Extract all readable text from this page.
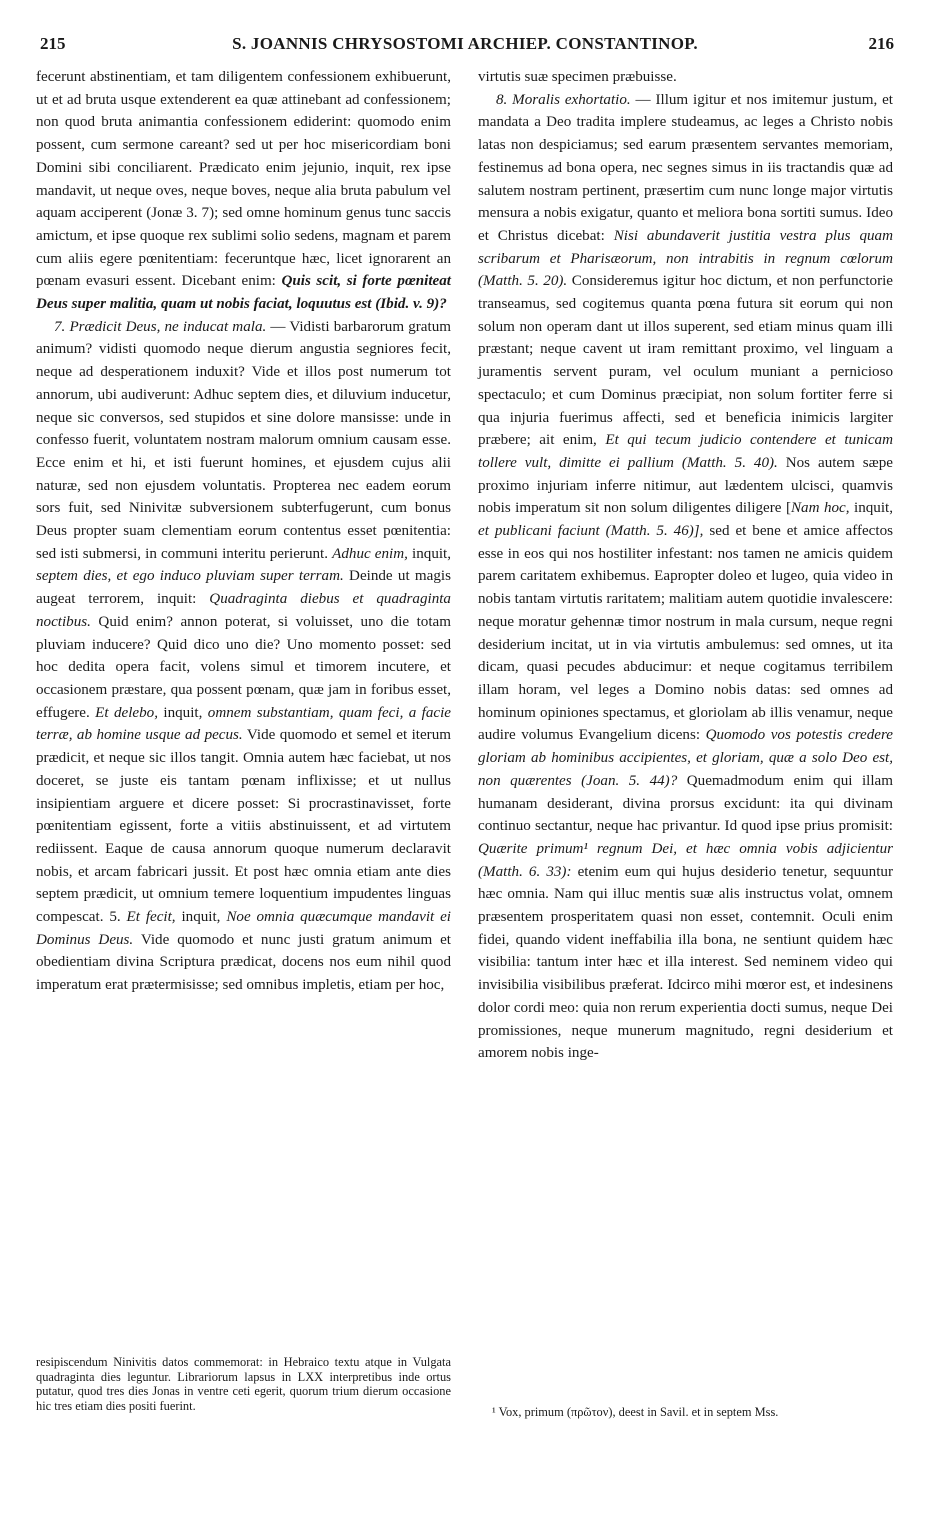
215	S. JOANNIS CHRYSOSTOMI ARCHIEP. CONSTANTINOP.	216

fecerunt abstinentiam, et tam diligentem confessionem exhibuerunt, ut et ad bruta usque extenderent ea quæ attinebant ad confessionem; non quod bruta animantia confessionem ediderint: quomodo enim possent, cum sermone careant? sed ut per hoc misericordiam boni Domini sibi conciliarent. Prædicato enim jejunio, inquit, rex ipse mandavit, ut neque oves, neque boves, neque alia bruta pabulum vel aquam acciperent (Jonæ 3. 7); sed omne hominum genus tunc saccis amictum, et ipse quoque rex sublimi solio sedens, magnam et parem cum aliis egere pœnitentiam: feceruntque hæc, licet ignorarent an pœnam evasuri essent. Dicebant enim: Quis scit, si forte pœniteat Deus super malitia, quam ut nobis faciat, loquutus est (Ibid. v. 9)?

7. Prædicit Deus, ne inducat mala. — Vidisti barbarorum gratum animum? vidisti quomodo neque dierum angustia segniores fecit, neque ad desperationem induxit? Vide et illos post numerum tot annorum, ubi audiverunt: Adhuc septem dies, et diluvium inducetur, neque sic conversos, sed stupidos et sine dolore mansisse: unde in confesso fuerit, voluntatem nostram malorum omnium causam esse. Ecce enim et hi, et isti fuerunt homines, et ejusdem cujus alii naturæ, sed non ejusdem voluntatis. Propterea nec eadem eorum sors fuit, sed Ninivitæ subversionem subterfugerunt, cum bonus Deus propter suam clementiam eorum contentus esset pœnitentia: sed isti submersi, in communi interitu perierunt. Adhuc enim, inquit, septem dies, et ego induco pluviam super terram. Deinde ut magis augeat terrorem, inquit: Quadraginta diebus et quadraginta noctibus. Quid enim? annon poterat, si voluisset, uno die totam pluviam inducere? Quid dico uno die? Uno momento posset: sed hoc dedita opera facit, volens simul et timorem incutere, et occasionem præstare, qua possent pœnam, quæ jam in foribus esset, effugere. Et delebo, inquit, omnem substantiam, quam feci, a facie terræ, ab homine usque ad pecus. Vide quomodo et semel et iterum prædicit, et neque sic illos tangit. Omnia autem hæc faciebat, ut nos doceret, se juste eis tantam pœnam inflixisse; et ut nullus insipientiam arguere et dicere posset: Si procrastinavisset, forte pœnitentiam egissent, forte a vitiis abstinuissent, et ad virtutem rediissent. Eaque de causa annorum quoque numerum declaravit nobis, et arcam fabricari jussit. Et post hæc omnia etiam ante dies septem prædicit, ut omnium temere loquentium impudentes linguas compescat. 5. Et fecit, inquit, Noe omnia quæcumque mandavit ei Dominus Deus. Vide quomodo et nunc justi gratum animum et obedientiam divina Scriptura prædicat, docens nos eum nihil quod imperatum erat prætermisisse; sed omnibus impletis, etiam per hoc,

virtutis suæ specimen præbuisse.

8. Moralis exhortatio. — Illum igitur et nos imitemur justum, et mandata a Deo tradita implere studeamus, ac leges a Christo nobis latas non despiciamus; sed earum præsentem servantes memoriam, festinemus ad bona opera, nec segnes simus in iis tractandis quæ ad salutem nostram pertinent, præsertim cum nunc longe major virtutis mensura a nobis exigatur, quanto et meliora bona sortiti sumus. Ideo et Christus dicebat: Nisi abundaverit justitia vestra plus quam scribarum et Pharisæorum, non intrabitis in regnum cœlorum (Matth. 5. 20). Consideremus igitur hoc dictum, et non perfunctorie transeamus, sed cogitemus quanta pœna futura sit eorum qui non solum non operam dant ut illos superent, sed etiam minus quam illi præstant; neque cavent ut iram remittant proximo, vel linguam a juramentis servent puram, vel oculum muniant a pernicioso spectaculo; et cum Dominus præcipiat, non solum fortiter ferre si qua injuria fuerimus affecti, sed et beneficia inimicis largiter præbere; ait enim, Et qui tecum judicio contendere et tunicam tollere vult, dimitte ei pallium (Matth. 5. 40). Nos autem sæpe proximo injuriam inferre nitimur, aut lædentem ulcisci, quamvis nobis imperatum sit non solum diligentes diligere [Nam hoc, inquit, et publicani faciunt (Matth. 5. 46)], sed et bene et amice affectos esse in eos qui nos hostiliter infestant: nos tamen ne amicis quidem parem caritatem exhibemus. Eapropter doleo et lugeo, quia video in nobis tantam virtutis raritatem; malitiam autem quotidie invalescere: neque moratur gehennæ timor nostrum in mala cursum, neque regni desiderium incitat, ut in via virtutis ambulemus: sed omnes, ut ita dicam, quasi pecudes abducimur: et neque cogitamus terribilem illam horam, vel leges a Domino nobis datas: sed omnes ad hominum opiniones spectamus, et gloriolam ab illis venamur, neque audire volumus Evangelium dicens: Quomodo vos potestis credere gloriam ab hominibus accipientes, et gloriam, quæ a solo Deo est, non quærentes (Joan. 5. 44)? Quemadmodum enim qui illam humanam desiderant, divina prorsus excidunt: ita qui divinam continuo sectantur, neque hac privantur. Id quod ipse prius promisit: Quærite primum¹ regnum Dei, et hæc omnia vobis adjicientur (Matth. 6. 33): etenim eum qui hujus desiderio tenetur, sequuntur hæc omnia. Nam qui illuc mentis suæ alis instructus volat, omnem præsentem prosperitatem quasi non esset, contemnit. Oculi enim fidei, quando vident ineffabilia illa bona, ne sentiunt quidem hæc visibilia: tantum inter hæc et illa interest. Sed neminem video qui invisibilia visibilibus præferat. Idcirco mihi mœror est, et indesinens dolor cordi meo: quia non rerum experientia docti sumus, neque Dei promissiones, neque munerum magnitudo, regni desiderium et amorem nobis inge-

resipiscendum Ninivitis datos commemorat: in Hebraico textu atque in Vulgata quadraginta dies leguntur. Librariorum lapsus in LXX interpretibus inde ortus putatur, quod tres dies Jonas in ventre ceti egerit, quorum trium dierum occasione hic tres etiam dies positi fuerint.	¹ Vox, primum (πρῶτον), deest in Savil. et in septem Mss.
